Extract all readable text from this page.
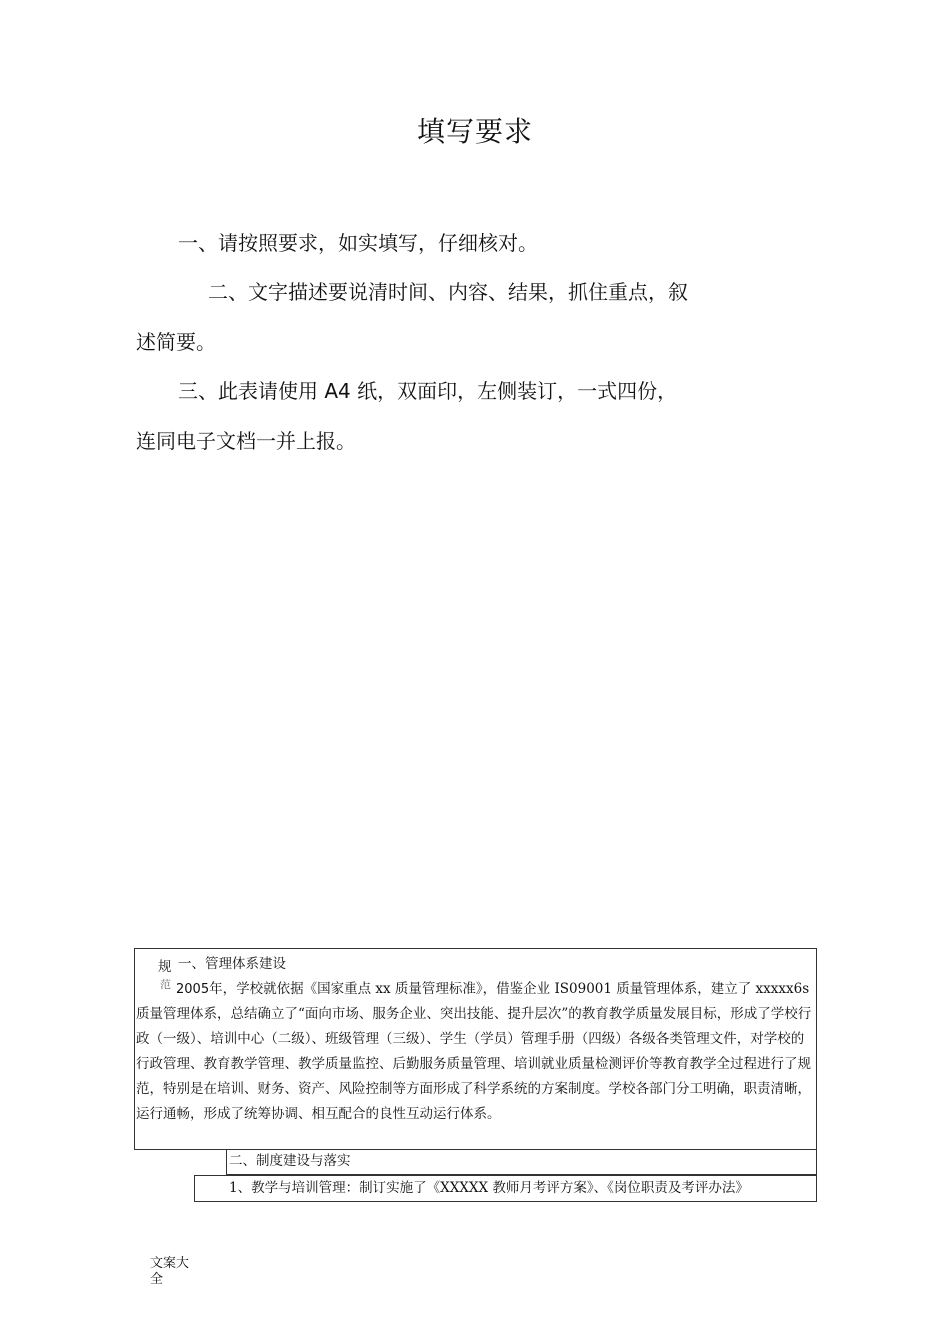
填写要求
一、请按照要求，如实填写，仔细核对。
二、文字描述要说清时间、内容、结果，抓住重点，叙
述简要。
三、此表请使用 A4 纸，双面印，左侧装订，一式四份，
连同电子文档一并上报。
规
范
一、管理体系建设
2005年，学校就依据《国家重点 xx 质量管理标准》，借鉴企业 IS09001 质量管理体系，建立了 xxxxx6s 质量管理体系，总结确立了“面向市场、服务企业、突出技能、提升层次”的教育教学质量发展目标，形成了学校行政（一级）、培训中心（二级）、班级管理（三级）、学生（学员）管理手册（四级）各级各类管理文件，对学校的行政管理、教育教学管理、教学质量监控、后勤服务质量管理、培训就业质量检测评价等教育教学全过程进行了规范，特别是在培训、财务、资产、风险控制等方面形成了科学系统的方案制度。学校各部门分工明确，职责清晰，运行通畅，形成了统筹协调、相互配合的良性互动运行体系。
二、制度建设与落实
1、教学与培训管理：制订实施了《XXXXX 教师月考评方案》、《岗位职责及考评办法》
文案大全
